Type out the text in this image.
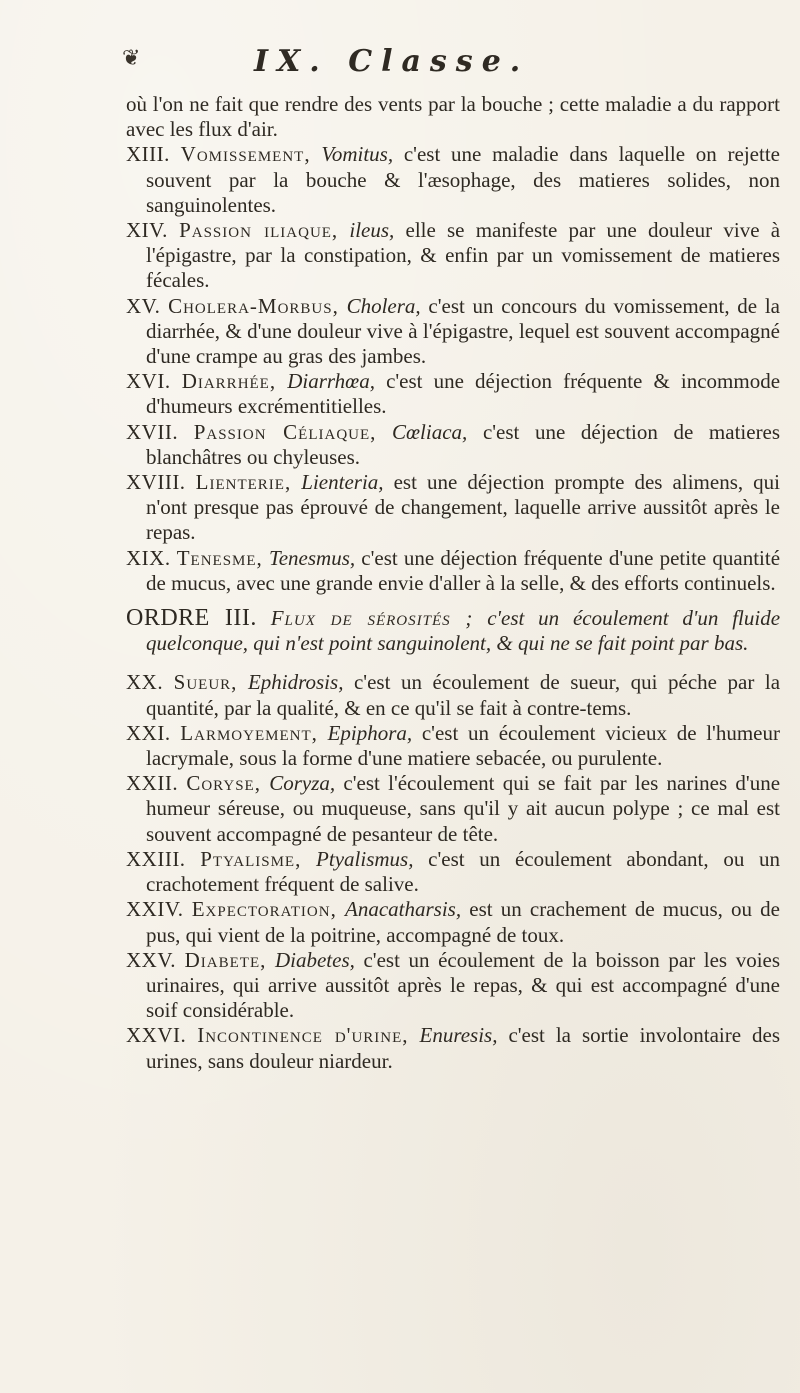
❦	IX. Classe.

où l'on ne fait que rendre des vents par la bouche ; cette maladie a du rapport avec les flux d'air.

XIII. Vomissement, Vomitus, c'est une maladie dans laquelle on rejette souvent par la bouche & l'æsophage, des matieres solides, non sanguinolentes.

XIV. Passion iliaque, ileus, elle se manifeste par une douleur vive à l'épigastre, par la constipation, & enfin par un vomissement de matieres fécales.

XV. Cholera-Morbus, Cholera, c'est un concours du vomissement, de la diarrhée, & d'une douleur vive à l'épigastre, lequel est souvent accompagné d'une crampe au gras des jambes.

XVI. Diarrhée, Diarrhœa, c'est une déjection fréquente & incommode d'humeurs excrémentitielles.

XVII. Passion Céliaque, Cœliaca, c'est une déjection de matieres blanchâtres ou chyleuses.

XVIII. Lienterie, Lienteria, est une déjection prompte des alimens, qui n'ont presque pas éprouvé de changement, laquelle arrive aussitôt après le repas.

XIX. Tenesme, Tenesmus, c'est une déjection fréquente d'une petite quantité de mucus, avec une grande envie d'aller à la selle, & des efforts continuels.

ORDRE III. Flux de sérosités ; c'est un écoulement d'un fluide quelconque, qui n'est point sanguinolent, & qui ne se fait point par bas.

XX. Sueur, Ephidrosis, c'est un écoulement de sueur, qui péche par la quantité, par la qualité, & en ce qu'il se fait à contre-tems.

XXI. Larmoyement, Epiphora, c'est un écoulement vicieux de l'humeur lacrymale, sous la forme d'une matiere sebacée, ou purulente.

XXII. Coryse, Coryza, c'est l'écoulement qui se fait par les narines d'une humeur séreuse, ou muqueuse, sans qu'il y ait aucun polype ; ce mal est souvent accompagné de pesanteur de tête.

XXIII. Ptyalisme, Ptyalismus, c'est un écoulement abondant, ou un crachotement fréquent de salive.

XXIV. Expectoration, Anacatharsis, est un crachement de mucus, ou de pus, qui vient de la poitrine, accompagné de toux.

XXV. Diabete, Diabetes, c'est un écoulement de la boisson par les voies urinaires, qui arrive aussitôt après le repas, & qui est accompagné d'une soif considérable.

XXVI. Incontinence d'urine, Enuresis, c'est la sortie involontaire des urines, sans douleur niardeur.
